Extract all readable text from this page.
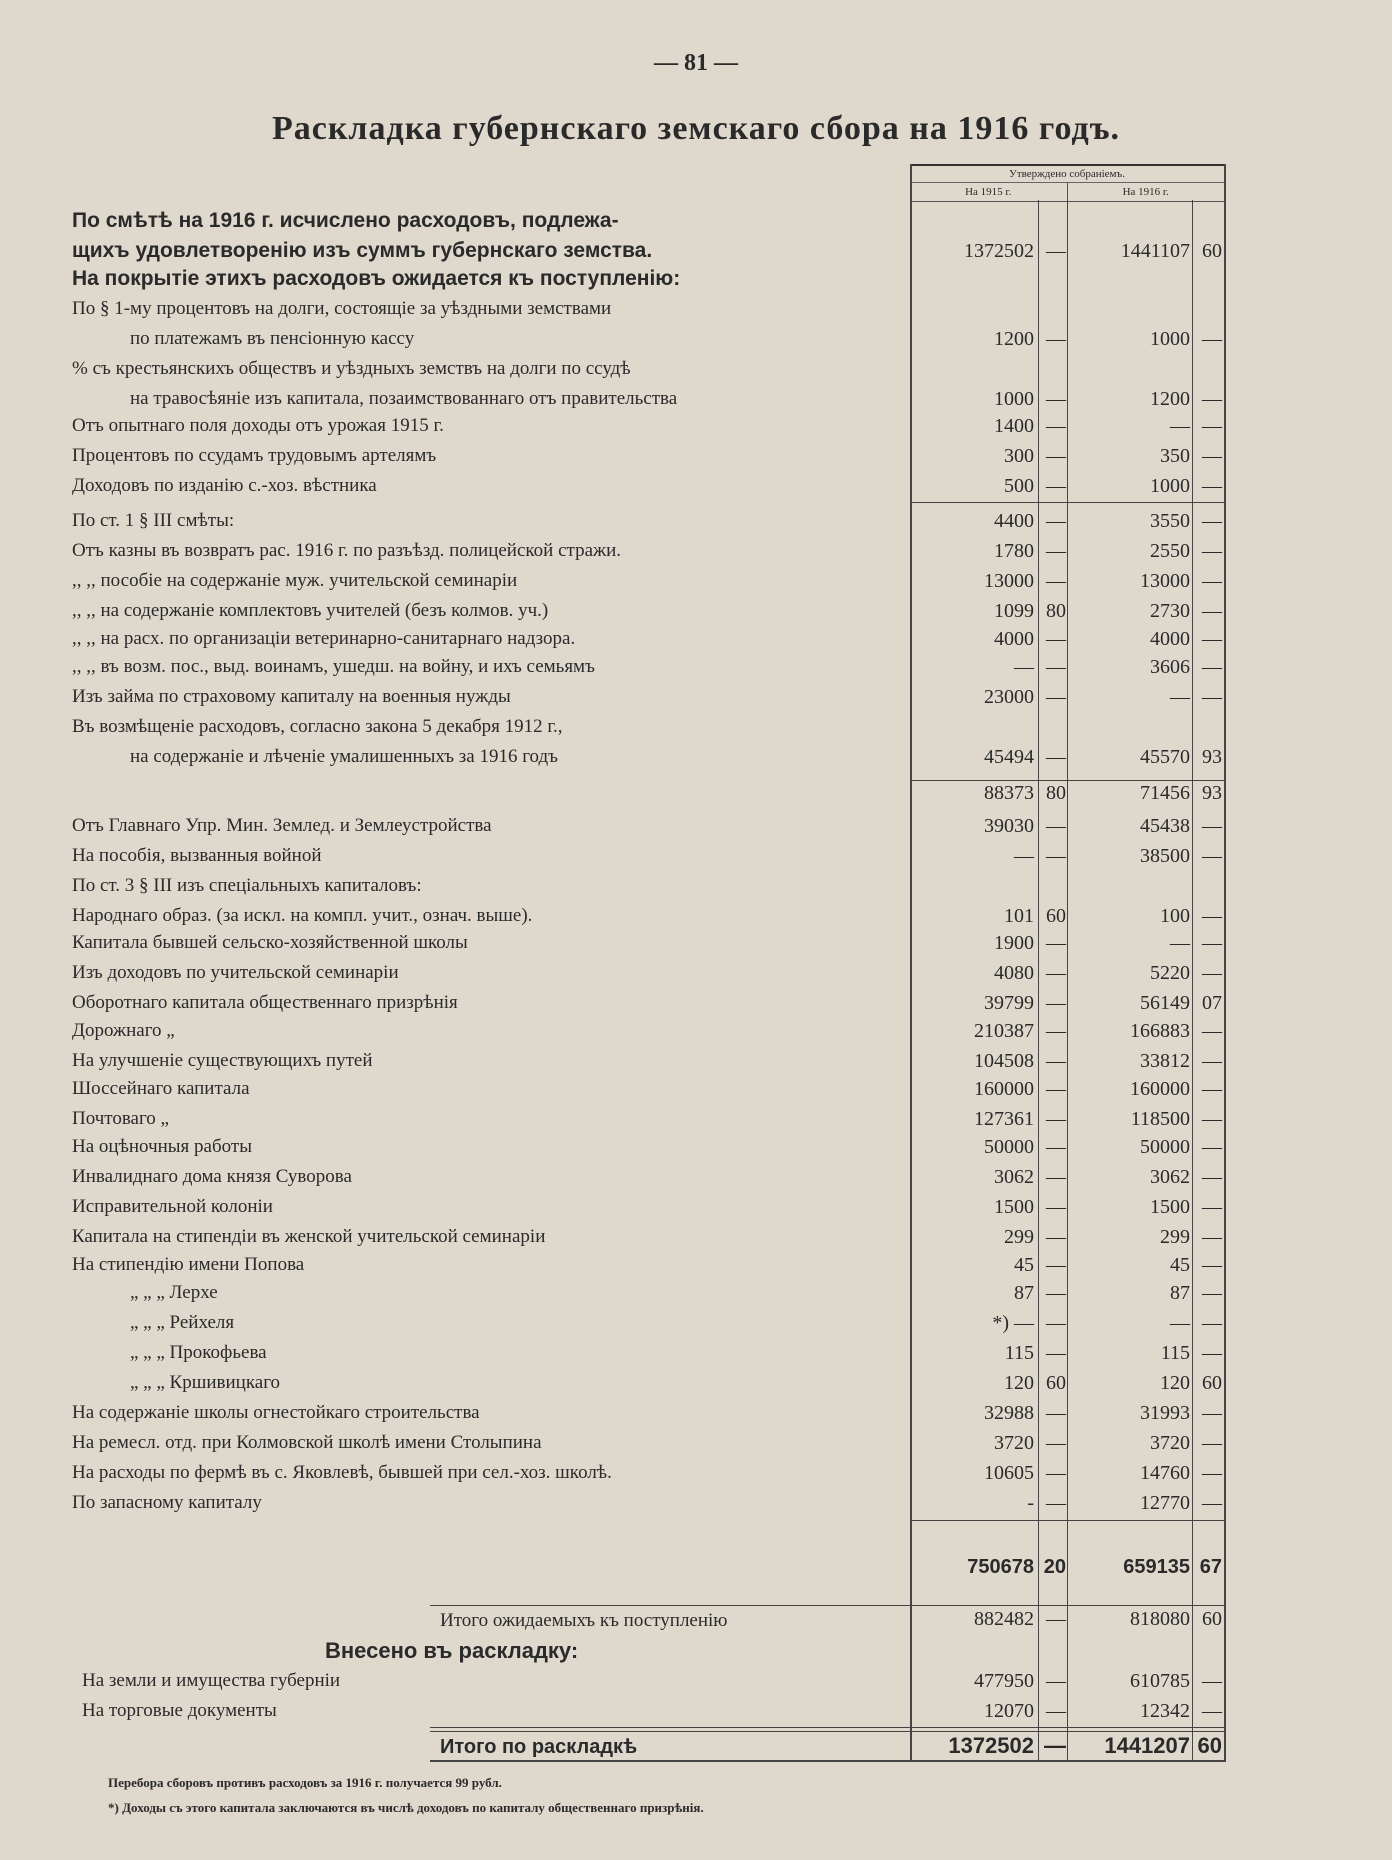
— 81 —
Раскладка губернскаго земскаго сбора на 1916 годъ.
Утверждено собраніемъ.
На 1915 г.	На 1916 г.
По смѣтѣ на 1916 г. исчислено расходовъ, подлежа-
щихъ удовлетворенію изъ суммъ губернскаго земства.	1372502 —	1441107 60
На покрытіе этихъ расходовъ ожидается къ поступленію:
По § 1-му процентовъ на долги, состоящіе за уѣздными земствами
по платежамъ въ пенсіонную кассу	1200 —	1000 —
% съ крестьянскихъ обществъ и уѣздныхъ земствъ на долги по ссудѣ
на травосѣяніе изъ капитала, позаимствованнаго отъ правительства	1000 —	1200 —
Отъ опытнаго поля доходы отъ урожая 1915 г.	1400 —	— —
Процентовъ по ссудамъ трудовымъ артелямъ	300 —	350 —
Доходовъ по изданію с.-хоз. вѣстника	500 —	1000 —
По ст. 1 § III смѣты:	4400 —	3550 —
Отъ казны въ возвратъ рас. 1916 г. по разъѣзд. полицейской стражи.	1780 —	2550 —
,, ,, пособіе на содержаніе муж. учительской семинаріи	13000 —	13000 —
,, ,, на содержаніе комплектовъ учителей (безъ колмов. уч.)	1099 80	2730 —
,, ,, на расх. по организаціи ветеринарно-санитарнаго надзора.	4000 —	4000 —
,, ,, въ возм. пос., выд. воинамъ, ушедш. на войну, и ихъ семьямъ	— —	3606 —
Изъ займа по страховому капиталу на военныя нужды	23000 —	— —
Въ возмѣщеніе расходовъ, согласно закона 5 декабря 1912 г.,
на содержаніе и лѣченіе умалишенныхъ за 1916 годъ	45494 —	45570 93
88373 80	71456 93
Отъ Главнаго Упр. Мин. Землед. и Землеустройства	39030 —	45438 —
На пособія, вызванныя войной	— —	38500 —
По ст. 3 § III изъ спеціальныхъ капиталовъ:
Народнаго образ. (за искл. на компл. учит., означ. выше).	101 60	100 —
Капитала бывшей сельско-хозяйственной школы	1900 —	— —
Изъ доходовъ по учительской семинаріи	4080 —	5220 —
Оборотнаго капитала общественнаго призрѣнія	39799 —	56149 07
Дорожнаго „	210387 —	166883 —
На улучшеніе существующихъ путей	104508 —	33812 —
Шоссейнаго капитала	160000 —	160000 —
Почтоваго „	127361 —	118500 —
На оцѣночныя работы	50000 —	50000 —
Инвалиднаго дома князя Суворова	3062 —	3062 —
Исправительной колоніи	1500 —	1500 —
Капитала на стипендіи въ женской учительской семинаріи	299 —	299 —
На стипендію имени Попова	45 —	45 —
„ „ „ Лерхе	87 —	87 —
„ „ „ Рейхеля	*) — —	— —
„ „ „ Прокофьева	115 —	115 —
„ „ „ Кршивицкаго	120 60	120 60
На содержаніе школы огнестойкаго строительства	32988 —	31993 —
На ремесл. отд. при Колмовской школѣ имени Столыпина	3720 —	3720 —
На расходы по фермѣ въ с. Яковлевѣ, бывшей при сел.-хоз. школѣ.	10605 —	14760 —
По запасному капиталу	- —	12770 —
750678 20	659135 67
Итого ожидаемыхъ къ поступленію	882482 —	818080 60
Внесено въ раскладку:
На земли и имущества губерніи	477950 —	610785 —
На торговые документы	12070 —	12342 —
Итого по раскладкѣ	1372502 —	1441207 60
Перебора сборовъ противъ расходовъ за 1916 г. получается 99 рубл.
*) Доходы съ этого капитала заключаются въ числѣ доходовъ по капиталу общественнаго призрѣнія.
